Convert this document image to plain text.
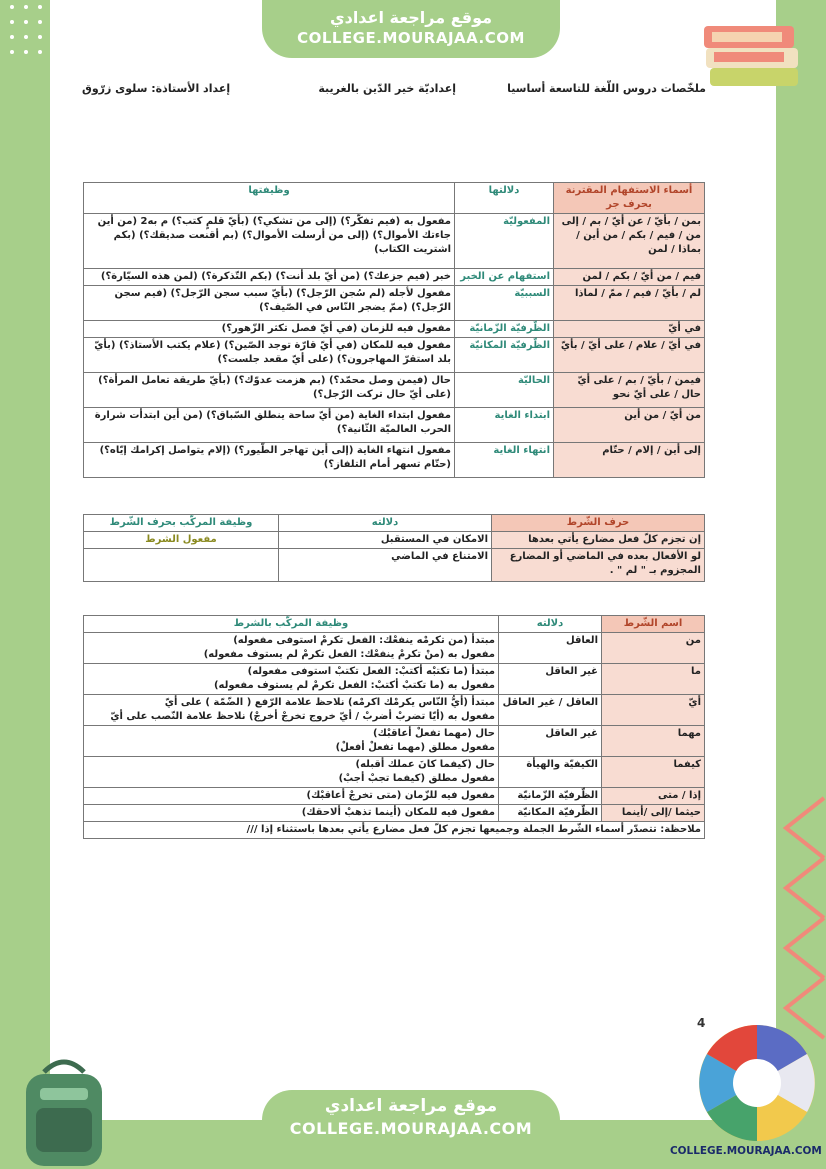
موقع مراجعة اعدادي
COLLEGE.MOURAJAA.COM
ملخّصات دروس اللّغة للتاسعة أساسيا
إعداديّة خير الدّين بالغريبة
إعداد الأستاذة: سلوى زرّوق
أسماء الاستفهام المقترنة بحرف جر	دلالتها	وظيفتها
بمن / بأيّ / عن أيّ / بم / إلى من / فيم / بكم / من أين / بماذا / لمن	المفعوليّة	مفعول به (فيم تفكّر؟) (إلى من تشكي؟) (بأيّ قلمٍ كتب؟) م به2 (من أين جاءتك الأموال؟) (إلى من أرسلت الأموال؟) (بم أقنعت صديقك؟) (بكم اشتريت الكتاب)
فيم / من أيّ / بكم / لمن	استفهام عن الخبر	خبر (فيم جزعك؟) (من أيّ بلد أنت؟) (بكم التّذكرة؟) (لمن هذه السيّارة؟)
لم / بأيّ / فيم / ممّ / لماذا	السببيّة	مفعول لأجله (لم سُجن الرّجل؟) (بأيّ سبب سجن الرّجل؟) (فيم سجن الرّجل؟) (ممّ يضجر النّاس في الصّيف؟)
في أيّ	الظّرفيّة الزّمانيّة	مفعول فيه للزمان (في أيّ فصل تكثر الزّهور؟)
في أيّ / علام / على أيّ / بأيّ	الظّرفيّة المكانيّة	مفعول فيه للمكان (في أيّ قارّة توجد الصّين؟) (علام يكتب الأستاذ؟) (بأيّ بلد استقرّ المهاجرون؟) (على أيّ مقعد جلست؟)
فيمن / بأيّ / بم / على أيّ حال / على أيّ نحو	الحاليّة	حال (فيمن وصل محمّد؟) (بم هزمت عدوّك؟) (بأيّ طريقة تعامل المرأة؟) (على أيّ حال تركت الرّجل؟)
من أيّ / من أين	ابتداء الغاية	مفعول ابتداء الغاية (من أيّ ساحة ينطلق السّباق؟) (من أين ابتدأت شرارة الحرب العالميّة الثّانية؟)
إلى أين / إلام / حتّام	انتهاء الغاية	مفعول انتهاء الغاية (إلى أين تهاجر الطّيور؟) (إلام يتواصل إكرامك إيّاه؟) (حتّام تسهر أمام التلفاز؟)
حرف الشّرط	دلالته	وظيفة المركّب بحرف الشّرط
إن تجزم كلّ فعل مضارع يأتي بعدها	الامكان في المستقبل	مفعول الشرط
لو الأفعال بعده في الماضي أو المضارع المجزوم بـ " لم " .	الامتناع في الماضي	
اسم الشّرط	دلالته	وظيفة المركّب بالشرط
من	العاقل	مبتدأ (من تكرمْه ينفعْك: الفعل تكرمْ استوفى مفعوله)
مفعول به (منْ تكرمْ ينفعْك: الفعل تكرمْ لم يستوف مفعوله)

ما	غير العاقل	مبتدأ (ما تكتبْه أكتبْ: الفعل تكتبْ استوفى مفعوله)
مفعول به (ما تكتبْ أكتبْ: الفعل تكرمْ لم يستوف مفعوله)

أيّ	العاقل / غير العاقل	مبتدأ (أيُّ النّاس يكرمْك اكرمْه) نلاحظ علامة الرّفع ( الضّمّة ) على أيّ
مفعول به (أيّا تضربْ أضربْ / أيّ خروج تخرجْ أخرجْ) نلاحظ علامة النّصب على أيّ

مهما	غير العاقل	حال (مهما تفعلْ أعاقبْك)
مفعول مطلق (مهما تفعلْ أفعلْ)

كيفما	الكيفيّة والهيأة	حال (كيفما كانَ عملك أقبله)
مفعول مطلق (كيفما تجبْ أجبْ)

إذا / متى	الظّرفيّة الزّمانيّة	مفعول فيه للزّمان (متى تخرجْ أعاقبْك)
حيثما /إلى /أينما	الظّرفيّة المكانيّة	مفعول فيه للمكان (أينما تذهبْ ألاحقك)
ملاحظة: تتصدّر أسماء الشّرط الجملة وجميعها تجزم كلّ فعل مضارع يأتي بعدها باستثناء إذا ///		
4
COLLEGE.MOURAJAA.COM
موقع مراجعة اعدادي
COLLEGE.MOURAJAA.COM
